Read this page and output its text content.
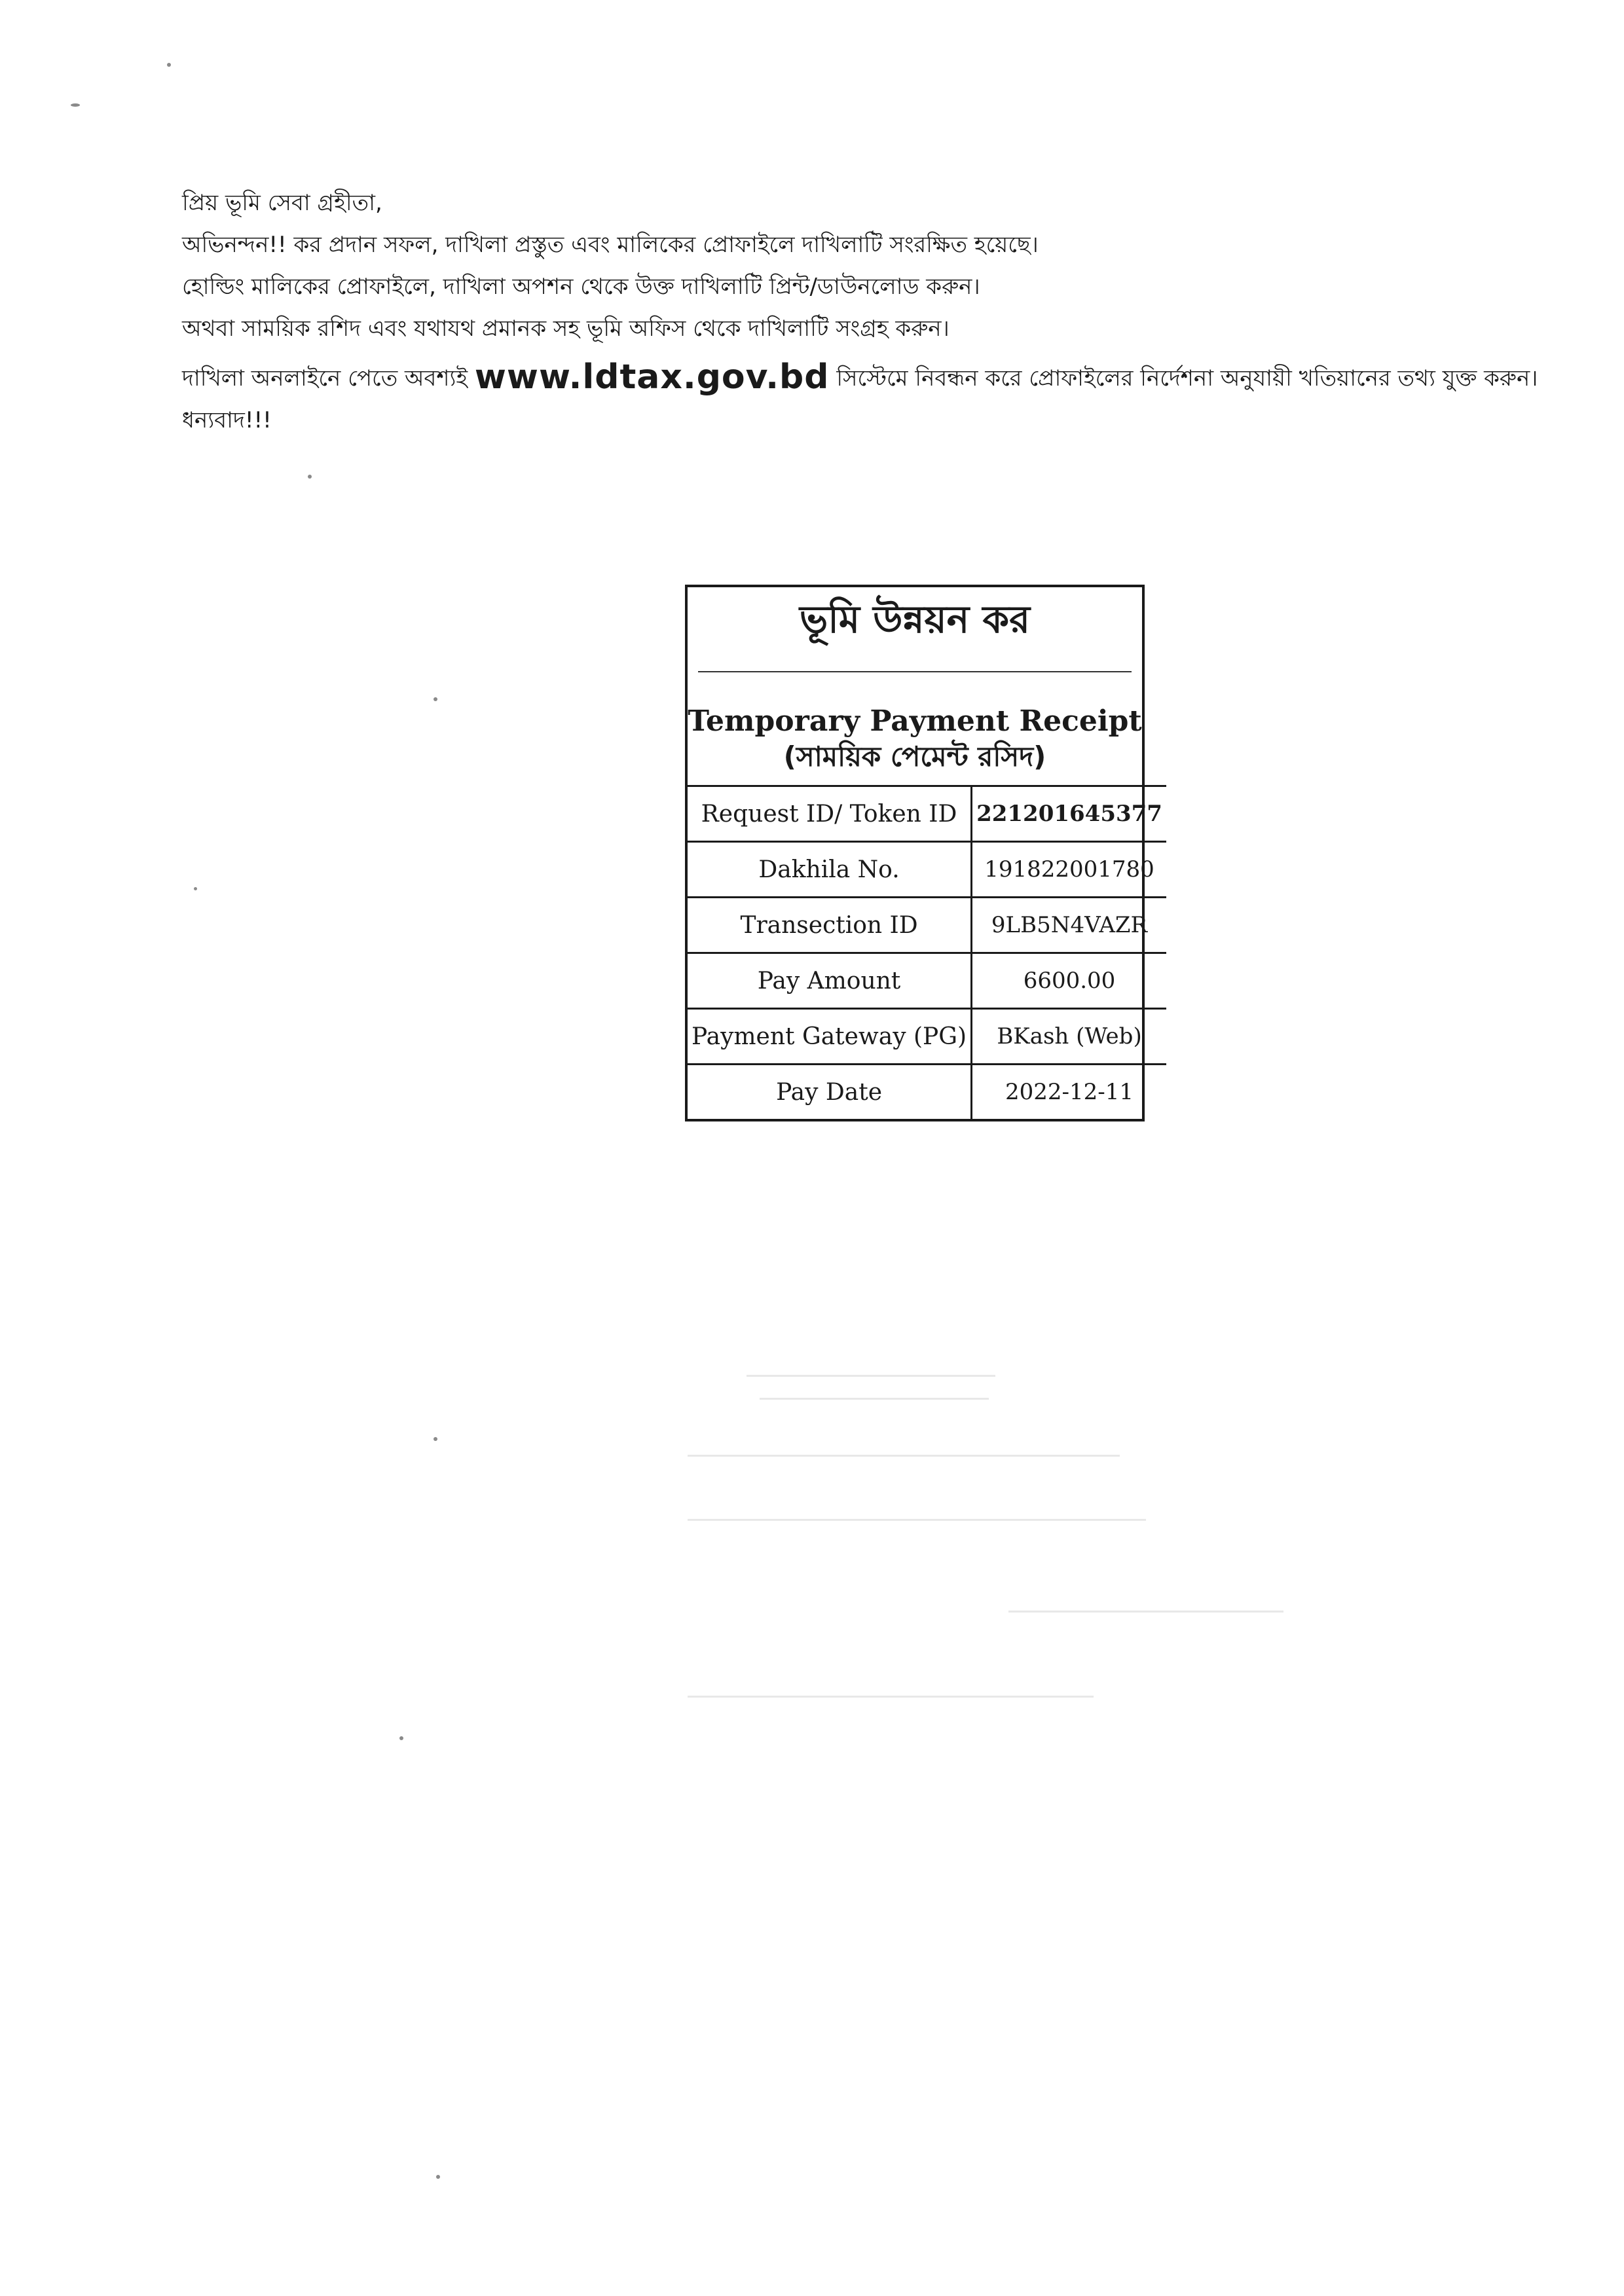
প্রিয় ভূমি সেবা গ্রহীতা,
অভিনন্দন!! কর প্রদান সফল, দাখিলা প্রস্তুত এবং মালিকের প্রোফাইলে দাখিলাটি সংরক্ষিত হয়েছে।
হোল্ডিং মালিকের প্রোফাইলে, দাখিলা অপশন থেকে উক্ত দাখিলাটি প্রিন্ট/ডাউনলোড করুন।
অথবা সাময়িক রশিদ এবং যথাযথ প্রমানক সহ ভূমি অফিস থেকে দাখিলাটি সংগ্রহ করুন।
দাখিলা অনলাইনে পেতে অবশ্যই www.ldtax.gov.bd সিস্টেমে নিবন্ধন করে প্রোফাইলের নির্দেশনা অনুযায়ী খতিয়ানের তথ্য যুক্ত করুন।
ধন্যবাদ!!!
ভূমি উন্নয়ন কর
Temporary Payment Receipt
(সাময়িক পেমেন্ট রসিদ)
Request ID/ Token ID	221201645377
Dakhila No.	191822001780
Transection ID	9LB5N4VAZR
Pay Amount	6600.00
Payment Gateway (PG)	BKash (Web)
Pay Date	2022-12-11
